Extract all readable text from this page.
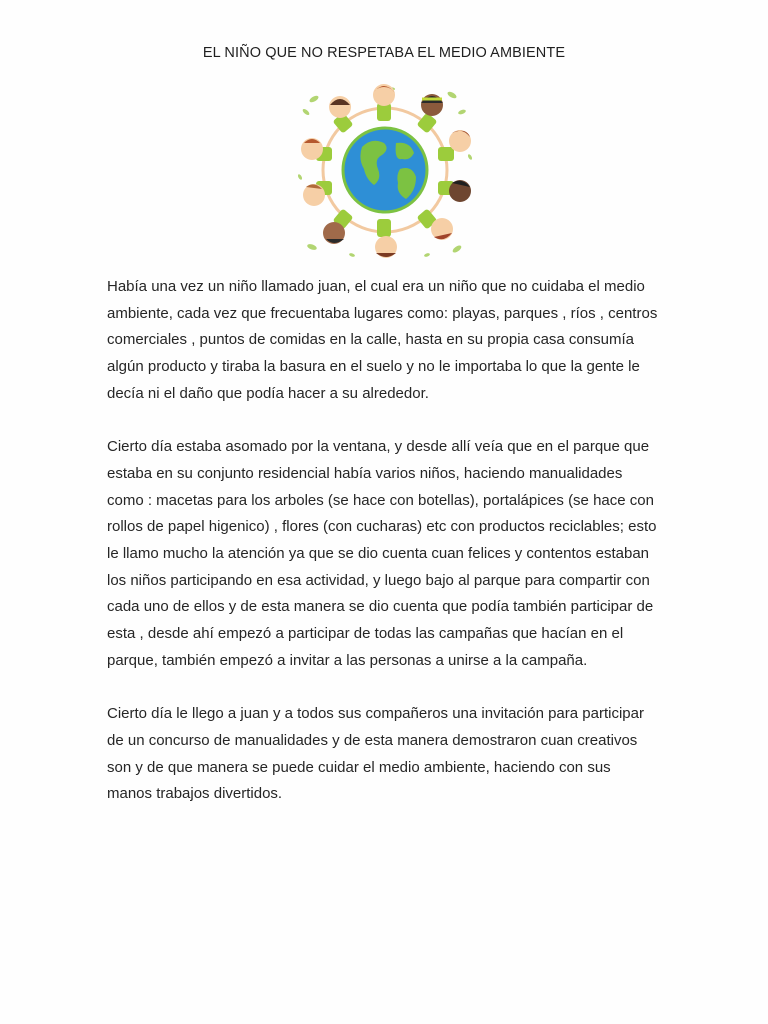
EL NIÑO QUE NO RESPETABA EL MEDIO AMBIENTE

Había una vez un niño llamado juan, el cual era un niño que no cuidaba el medio
ambiente, cada vez que frecuentaba lugares como: playas, parques , ríos , centros
comerciales , puntos de comidas en la calle, hasta en su propia casa consumía
algún producto y tiraba la basura en el suelo y no le importaba lo que la gente le
decía ni el daño que podía hacer a su alrededor.

Cierto día estaba asomado por la ventana, y desde allí veía que en el parque que
estaba en su conjunto residencial había varios niños, haciendo manualidades
como : macetas para los arboles (se hace con botellas), portalápices (se hace con
rollos de papel higenico) , flores (con cucharas) etc con productos reciclables; esto
le llamo mucho la atención ya que se dio cuenta cuan felices y contentos estaban
los niños participando en esa actividad, y luego bajo al parque para compartir con
cada uno de ellos y de esta manera se dio cuenta que podía también participar de
esta , desde ahí empezó a participar de todas las campañas que hacían en el
parque, también empezó a invitar a las personas a unirse a la campaña.

Cierto día le llego a juan y a todos sus compañeros una invitación para participar
de un concurso de manualidades y de esta manera demostraron cuan creativos
son y de que manera se puede cuidar el medio ambiente, haciendo con sus
manos trabajos divertidos.
